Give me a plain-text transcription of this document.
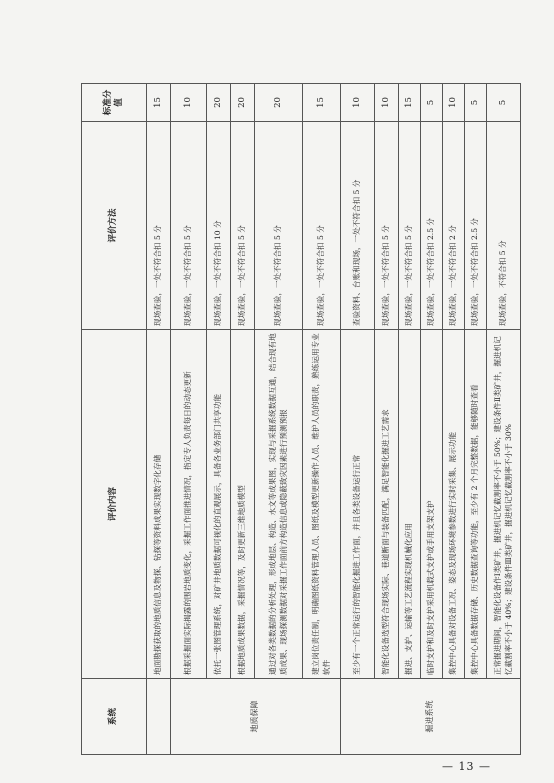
系统	评价内容	评价方法	标准分值
	地面勘探获取的地质信息及物探、钻探等资料成果实现数字化存储	现场查验，一处不符合扣 5 分	15
地质保障	根据采掘面实际揭露的围岩地质变化，采掘工作面推进情况，指定专人负责每日的动态更新	现场查验，一处不符合扣 5 分	10
	依托一张图管理系统，对矿井地质数据可视化的直观展示，具备各业务部门共享功能	现场查验，一处不符合扣 10 分	20
	根据地质成果数据，采掘情况等，及时更新三维地质模型	现场查验，一处不符合扣 5 分	20
	通过对各类数据的分析处理，形成地层、构造、水文等成果图，实现与采掘系统数据互通，结合现有地质成果、现场探测数据对采掘工作面前方构造信息或隐蔽致灾因素进行预测预报	现场查验，一处不符合扣 5 分	20
	建立岗位责任制，明确图纸资料管理人员、图纸及模型更新操作人员、维护人员的职责，熟练运用专业软件	现场查验，一处不符合扣 5 分	15
掘进系统	至少有一个正常运行的智能化掘进工作面，并且各类设备运行正常	查验资料、台账和现场，一处不符合扣 5 分	10
	智能化设备选型符合现场实际、巷道断面与装备匹配，满足智能化掘进工艺需求	现场查验，一处不符合扣 5 分	10
	掘进、支护、运输等工艺流程实现机械化应用	现场查验，一处不符合扣 5 分	15
	临时支护和及时支护采用机载式支护或手用支架支护	现场查验，一处不符合扣 2.5 分	5
	集控中心具备对设备工况、姿态及现场环境参数进行实时采集、展示功能	现场查验，一处不符合扣 2 分	10
	集控中心具备数据存储、历史数据查询等功能，至少有 2 个月完整数据，能够随时查看	现场查验，一处不符合扣 2.5 分	5
	正常掘进期间，智能化设备作Ⅰ类矿井，掘进机记忆截割率不小于 50%；建设条件Ⅱ类矿井，掘进机记忆截割率不小于 40%；建设条件Ⅲ类矿井，掘进机记忆截割率不小于 30%	现场查验，不符合扣 5 分	5
— 13 —
